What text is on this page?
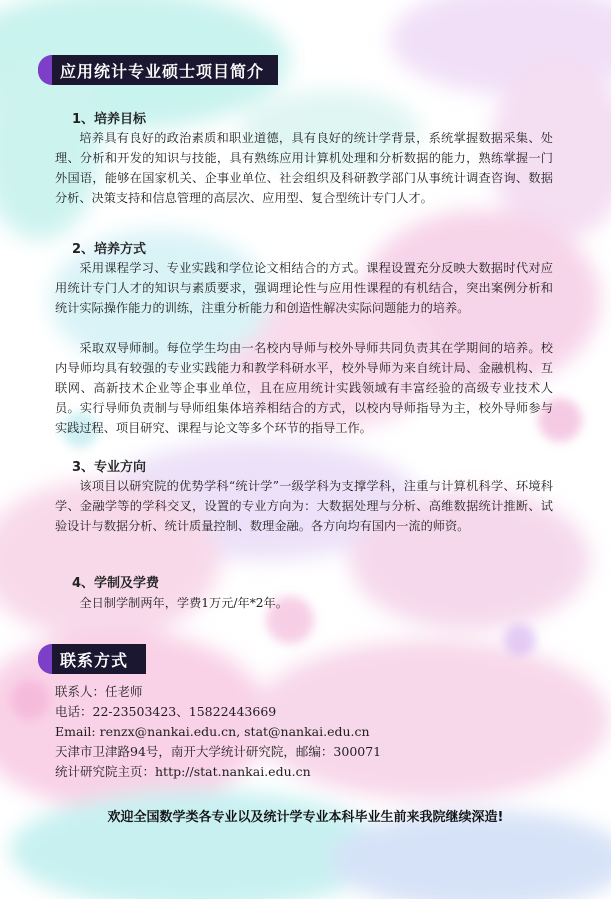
应用统计专业硕士项目简介
1、培养目标
培养具有良好的政治素质和职业道德，具有良好的统计学背景，系统掌握数据采集、处理、分析和开发的知识与技能，具有熟练应用计算机处理和分析数据的能力，熟练掌握一门外国语，能够在国家机关、企事业单位、社会组织及科研教学部门从事统计调查咨询、数据分析、决策支持和信息管理的高层次、应用型、复合型统计专门人才。
2、培养方式
采用课程学习、专业实践和学位论文相结合的方式。课程设置充分反映大数据时代对应用统计专门人才的知识与素质要求，强调理论性与应用性课程的有机结合，突出案例分析和统计实际操作能力的训练，注重分析能力和创造性解决实际问题能力的培养。
采取双导师制。每位学生均由一名校内导师与校外导师共同负责其在学期间的培养。校内导师均具有较强的专业实践能力和教学科研水平，校外导师为来自统计局、金融机构、互联网、高新技术企业等企事业单位，且在应用统计实践领域有丰富经验的高级专业技术人员。实行导师负责制与导师组集体培养相结合的方式，以校内导师指导为主，校外导师参与实践过程、项目研究、课程与论文等多个环节的指导工作。
3、专业方向
该项目以研究院的优势学科“统计学”一级学科为支撑学科，注重与计算机科学、环境科学、金融学等的学科交叉，设置的专业方向为：大数据处理与分析、高维数据统计推断、试验设计与数据分析、统计质量控制、数理金融。各方向均有国内一流的师资。
4、学制及学费
全日制学制两年，学费1万元/年*2年。
联系方式
联系人：任老师
电话：22-23503423、15822443669
Email: renzx@nankai.edu.cn, stat@nankai.edu.cn
天津市卫津路94号，南开大学统计研究院，邮编：300071
统计研究院主页：http://stat.nankai.edu.cn
欢迎全国数学类各专业以及统计学专业本科毕业生前来我院继续深造!
